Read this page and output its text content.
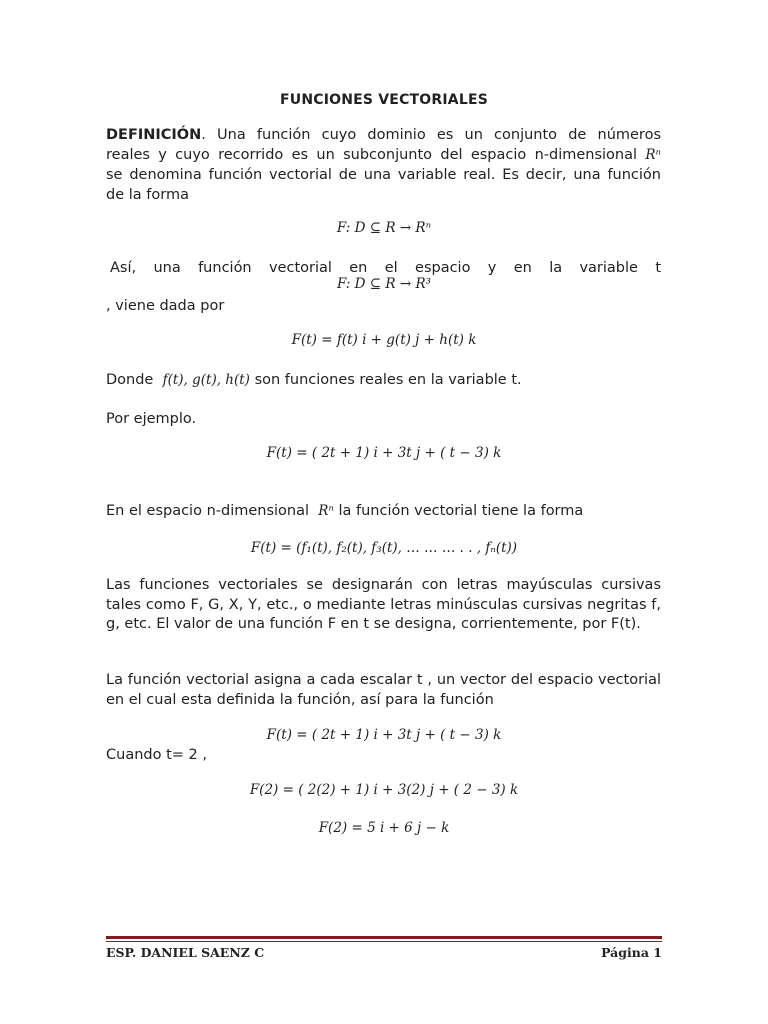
FUNCIONES VECTORIALES
DEFINICIÓN. Una función cuyo dominio es un conjunto de números
reales y cuyo recorrido es un subconjunto del espacio n-dimensional Rⁿ
se denomina función vectorial de una variable real. Es decir, una función
de la forma
F: D ⊆ R → Rⁿ
Así, una función vectorial en el espacio y en la variable t
F: D ⊆ R → R³
, viene dada por
F(t) = f(t) i + g(t) j + h(t) k
Donde f(t), g(t), h(t) son funciones reales en la variable t.
Por ejemplo.
F(t) = ( 2t + 1) i + 3t j + ( t − 3) k
En el espacio n-dimensional Rⁿ la función vectorial tiene la forma
F(t) = (f₁(t), f₂(t), f₃(t), … … … . . , fₙ(t))
Las funciones vectoriales se designarán con letras mayúsculas cursivas tales como F, G, X, Y, etc., o mediante letras minúsculas cursivas negritas f, g, etc. El valor de una función F en t se designa, corrientemente, por F(t).
La función vectorial asigna a cada escalar t , un vector del espacio vectorial en el cual esta definida la función, así para la función
F(t) = ( 2t + 1) i + 3t j + ( t − 3) k
Cuando t= 2 ,
F(2) = ( 2(2) + 1) i + 3(2) j + ( 2 − 3) k
F(2) = 5 i + 6 j − k
ESP. DANIEL SAENZ C	Página 1
